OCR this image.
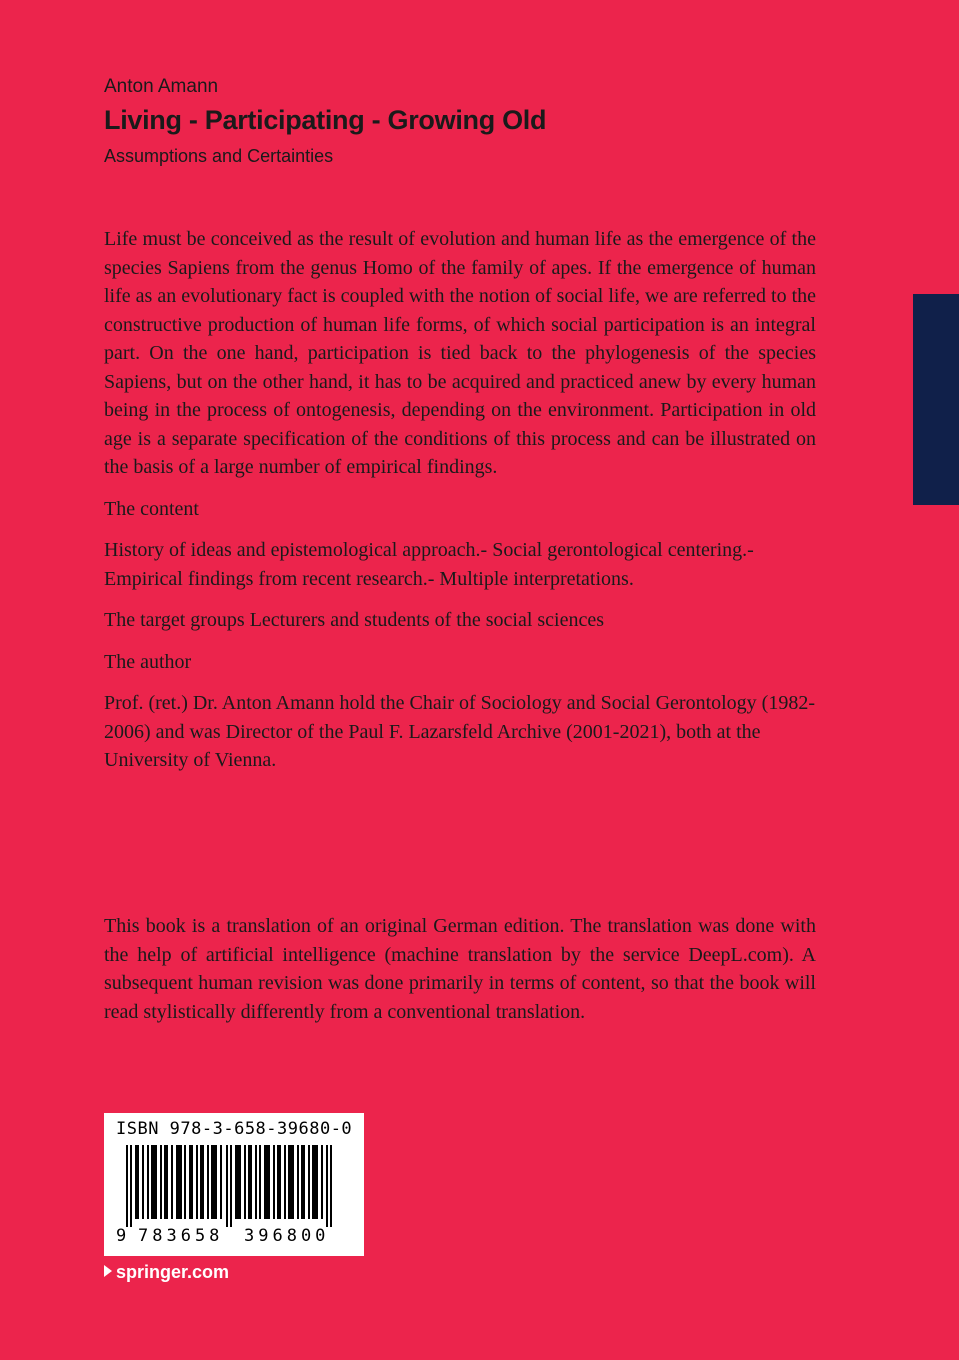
Anton Amann
Living - Participating - Growing Old
Assumptions and Certainties

Life must be conceived as the result of evolution and human life as the emergence of the species Sapiens from the genus Homo of the family of apes. If the emergence of human life as an evolutionary fact is coupled with the notion of social life, we are referred to the constructive production of human life forms, of which social participation is an integral part. On the one hand, participation is tied back to the phylogenesis of the species Sapiens, but on the other hand, it has to be acquired and practiced anew by every human being in the process of ontogenesis, depending on the environment. Participation in old age is a separate specification of the conditions of this process and can be illustrated on the basis of a large number of empirical findings.

The content

History of ideas and epistemological approach.- Social gerontological centering.- Empirical findings from recent research.- Multiple interpretations.

The target groups Lecturers and students of the social sciences

The author

Prof. (ret.) Dr. Anton Amann hold the Chair of Sociology and Social Gerontology (1982-2006) and was Director of the Paul F. Lazarsfeld Archive (2001-2021), both at the University of Vienna.

This book is a translation of an original German edition. The translation was done with the help of artificial intelligence (machine translation by the service DeepL.com). A subsequent human revision was done primarily in terms of content, so that the book will read stylistically differently from a conventional translation.

ISBN 978-3-658-39680-0
9 783658 396800
springer.com
